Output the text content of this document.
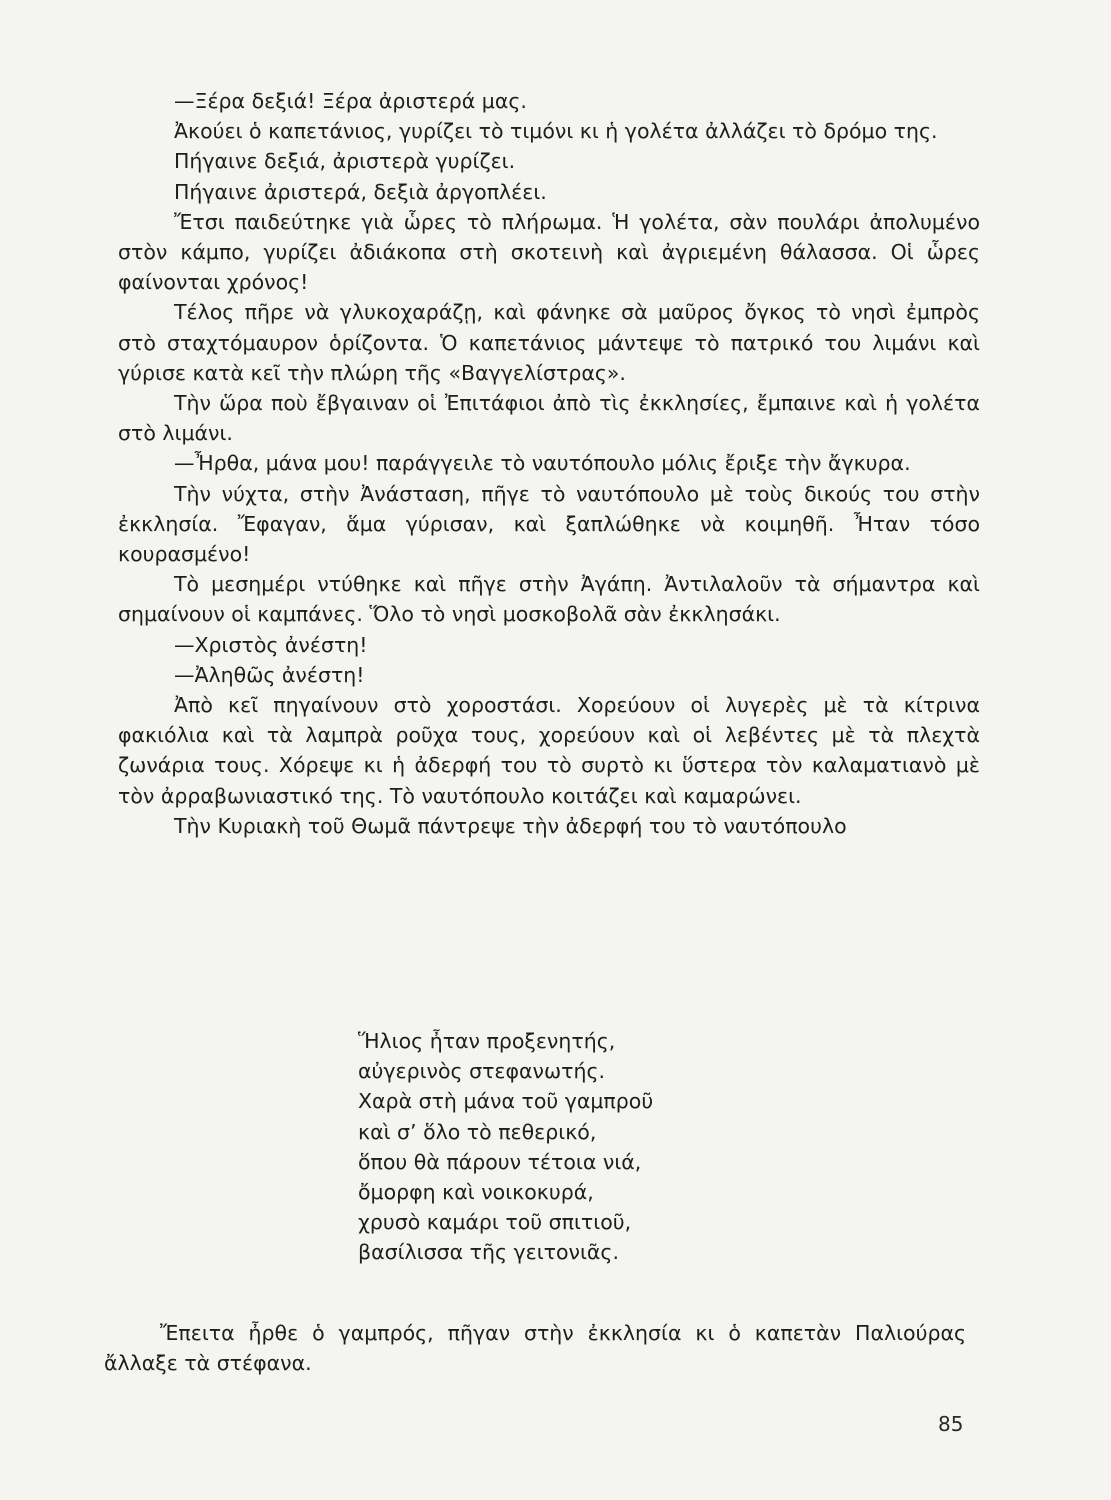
—Ξέρα δεξιά! Ξέρα ἀριστερά μας.

Ἀκούει ὁ καπετάνιος, γυρίζει τὸ τιμόνι κι ἡ γολέτα ἀλλάζει τὸ δρόμο της.

Πήγαινε δεξιά, ἀριστερὰ γυρίζει.

Πήγαινε ἀριστερά, δεξιὰ ἀργοπλέει.

Ἔτσι παιδεύτηκε γιὰ ὧρες τὸ πλήρωμα. Ἡ γολέτα, σὰν πουλάρι ἀπολυμένο στὸν κάμπο, γυρίζει ἀδιάκοπα στὴ σκοτεινὴ καὶ ἀγριεμένη θάλασσα. Οἱ ὧρες φαίνονται χρόνος!

Τέλος πῆρε νὰ γλυκοχαράζῃ, καὶ φάνηκε σὰ μαῦρος ὄγκος τὸ νησὶ ἐμπρὸς στὸ σταχτόμαυρον ὁρίζοντα. Ὁ καπετάνιος μάντεψε τὸ πατρικό του λιμάνι καὶ γύρισε κατὰ κεῖ τὴν πλώρη τῆς «Βαγγελίστρας».

Τὴν ὥρα ποὺ ἔβγαιναν οἱ Ἐπιτάφιοι ἀπὸ τὶς ἐκκλησίες, ἔμπαινε καὶ ἡ γολέτα στὸ λιμάνι.

—Ἦρθα, μάνα μου! παράγγειλε τὸ ναυτόπουλο μόλις ἔριξε τὴν ἄγκυρα.

Τὴν νύχτα, στὴν Ἀνάσταση, πῆγε τὸ ναυτόπουλο μὲ τοὺς δικούς του στὴν ἐκκλησία. Ἔφαγαν, ἅμα γύρισαν, καὶ ξαπλώθηκε νὰ κοιμηθῆ. Ἦταν τόσο κουρασμένο!

Τὸ μεσημέρι ντύθηκε καὶ πῆγε στὴν Ἀγάπη. Ἀντιλαλοῦν τὰ σήμαντρα καὶ σημαίνουν οἱ καμπάνες. Ὅλο τὸ νησὶ μοσκοβολᾶ σὰν ἐκκλησάκι.

—Χριστὸς ἀνέστη!

—Ἀληθῶς ἀνέστη!

Ἀπὸ κεῖ πηγαίνουν στὸ χοροστάσι. Χορεύουν οἱ λυγερὲς μὲ τὰ κίτρινα φακιόλια καὶ τὰ λαμπρὰ ροῦχα τους, χορεύουν καὶ οἱ λεβέντες μὲ τὰ πλεχτὰ ζωνάρια τους. Χόρεψε κι ἡ ἀδερφή του τὸ συρτὸ κι ὕστερα τὸν καλαματιανὸ μὲ τὸν ἀρραβωνιαστικό της. Τὸ ναυτόπουλο κοιτάζει καὶ καμαρώνει.

Τὴν Κυριακὴ τοῦ Θωμᾶ πάντρεψε τὴν ἀδερφή του τὸ ναυτόπουλο

Ἥλιος ἦταν προξενητής,
αὐγερινὸς στεφανωτής.
Χαρὰ στὴ μάνα τοῦ γαμπροῦ
καὶ σ’ ὅλο τὸ πεθερικό,
ὅπου θὰ πάρουν τέτοια νιά,
ὄμορφη καὶ νοικοκυρά,
χρυσὸ καμάρι τοῦ σπιτιοῦ,
βασίλισσα τῆς γειτονιᾶς.

Ἔπειτα ἦρθε ὁ γαμπρός, πῆγαν στὴν ἐκκλησία κι ὁ καπετὰν Παλιούρας ἄλλαξε τὰ στέφανα.

85
